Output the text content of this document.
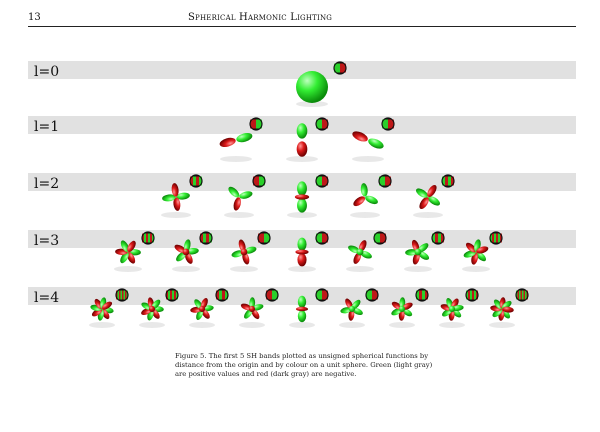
13	Spherical Harmonic Lighting
l=0
l=1
l=2
l=3
l=4
Figure 5. The first 5 SH bands plotted as unsigned spherical functions by distance from the origin and by colour on a unit sphere. Green (light gray) are positive values and red (dark gray) are negative.
